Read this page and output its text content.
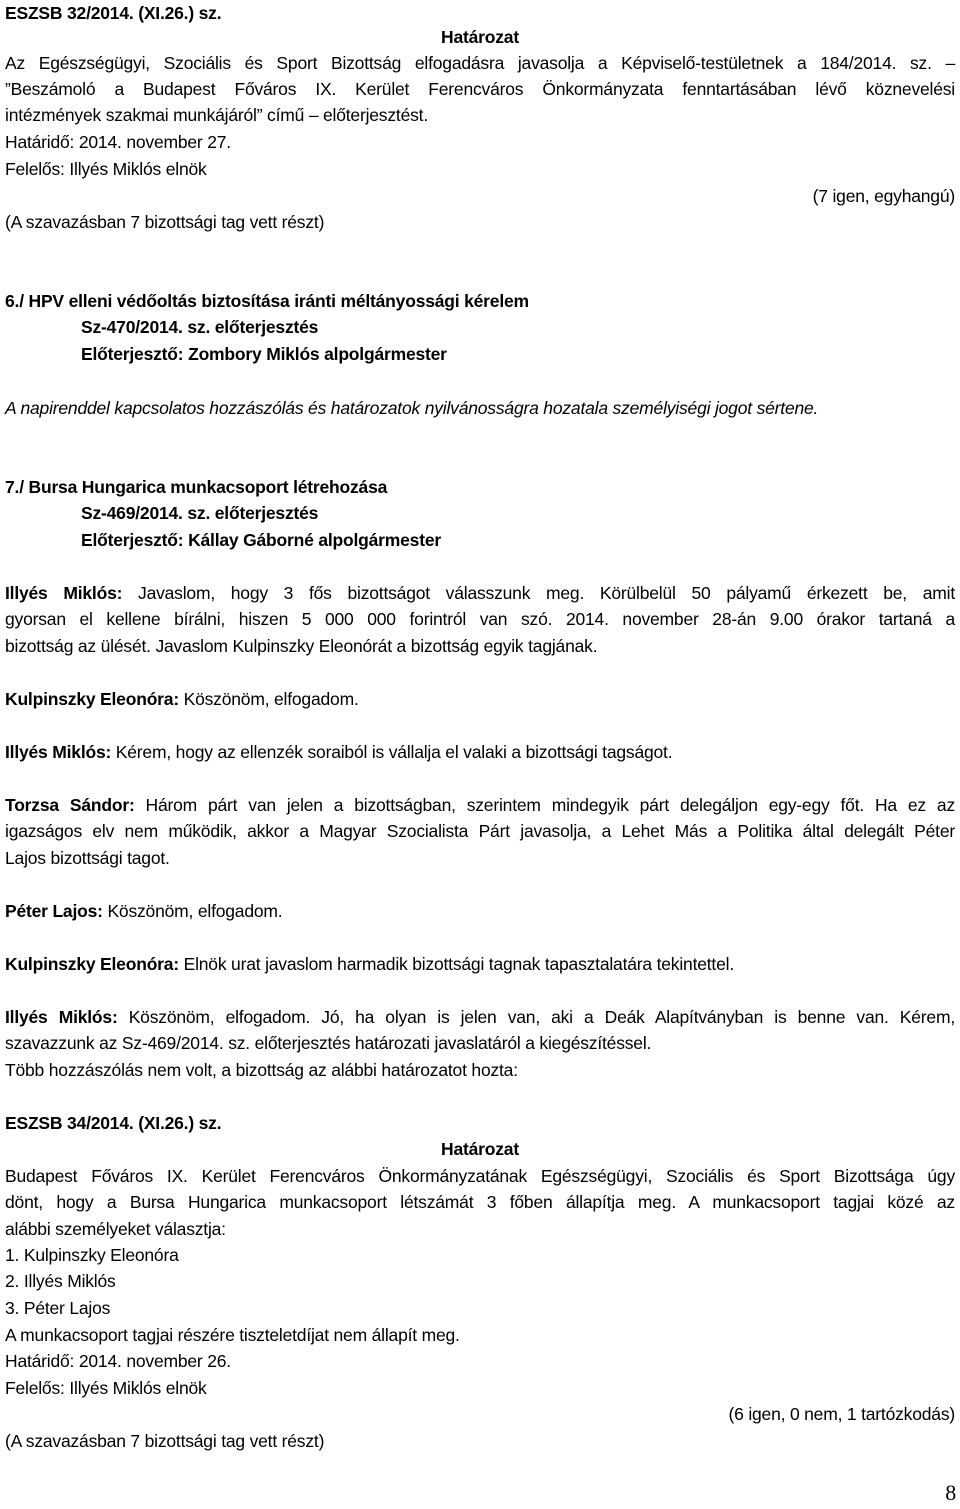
ESZSB 32/2014. (XI.26.) sz.
Határozat
Az Egészségügyi, Szociális és Sport Bizottság elfogadásra javasolja a Képviselő-testületnek a 184/2014. sz. –
”Beszámoló a Budapest Főváros IX. Kerület Ferencváros Önkormányzata fenntartásában lévő köznevelési
intézmények szakmai munkájáról” című – előterjesztést.
Határidő: 2014. november 27.
Felelős: Illyés Miklós elnök
(7 igen, egyhangú)
(A szavazásban 7 bizottsági tag vett részt)
6./ HPV elleni védőoltás biztosítása iránti méltányossági kérelem
Sz-470/2014. sz. előterjesztés
Előterjesztő: Zombory Miklós alpolgármester
A napirenddel kapcsolatos hozzászólás és határozatok nyilvánosságra hozatala személyiségi jogot sértene.
7./ Bursa Hungarica munkacsoport létrehozása
Sz-469/2014. sz. előterjesztés
Előterjesztő: Kállay Gáborné alpolgármester
Illyés Miklós: Javaslom, hogy 3 fős bizottságot válasszunk meg. Körülbelül 50 pályamű érkezett be, amit
gyorsan el kellene bírálni, hiszen 5 000 000 forintról van szó. 2014. november 28-án 9.00 órakor tartaná a
bizottság az ülését. Javaslom Kulpinszky Eleonórát a bizottság egyik tagjának.
Kulpinszky Eleonóra: Köszönöm, elfogadom.
Illyés Miklós: Kérem, hogy az ellenzék soraiból is vállalja el valaki a bizottsági tagságot.
Torzsa Sándor: Három párt van jelen a bizottságban, szerintem mindegyik párt delegáljon egy-egy főt. Ha ez az
igazságos elv nem működik, akkor a Magyar Szocialista Párt javasolja, a Lehet Más a Politika által delegált Péter
Lajos bizottsági tagot.
Péter Lajos: Köszönöm, elfogadom.
Kulpinszky Eleonóra: Elnök urat javaslom harmadik bizottsági tagnak tapasztalatára tekintettel.
Illyés Miklós: Köszönöm, elfogadom. Jó, ha olyan is jelen van, aki a Deák Alapítványban is benne van. Kérem,
szavazzunk az Sz-469/2014. sz. előterjesztés határozati javaslatáról a kiegészítéssel.
Több hozzászólás nem volt, a bizottság az alábbi határozatot hozta:
ESZSB 34/2014. (XI.26.) sz.
Határozat
Budapest Főváros IX. Kerület Ferencváros Önkormányzatának Egészségügyi, Szociális és Sport Bizottsága úgy
dönt, hogy a Bursa Hungarica munkacsoport létszámát 3 főben állapítja meg. A munkacsoport tagjai közé az
alábbi személyeket választja:
1. Kulpinszky Eleonóra
2. Illyés Miklós
3. Péter Lajos
A munkacsoport tagjai részére tiszteletdíjat nem állapít meg.
Határidő: 2014. november 26.
Felelős: Illyés Miklós elnök
(6 igen, 0 nem, 1 tartózkodás)
(A szavazásban 7 bizottsági tag vett részt)
8
